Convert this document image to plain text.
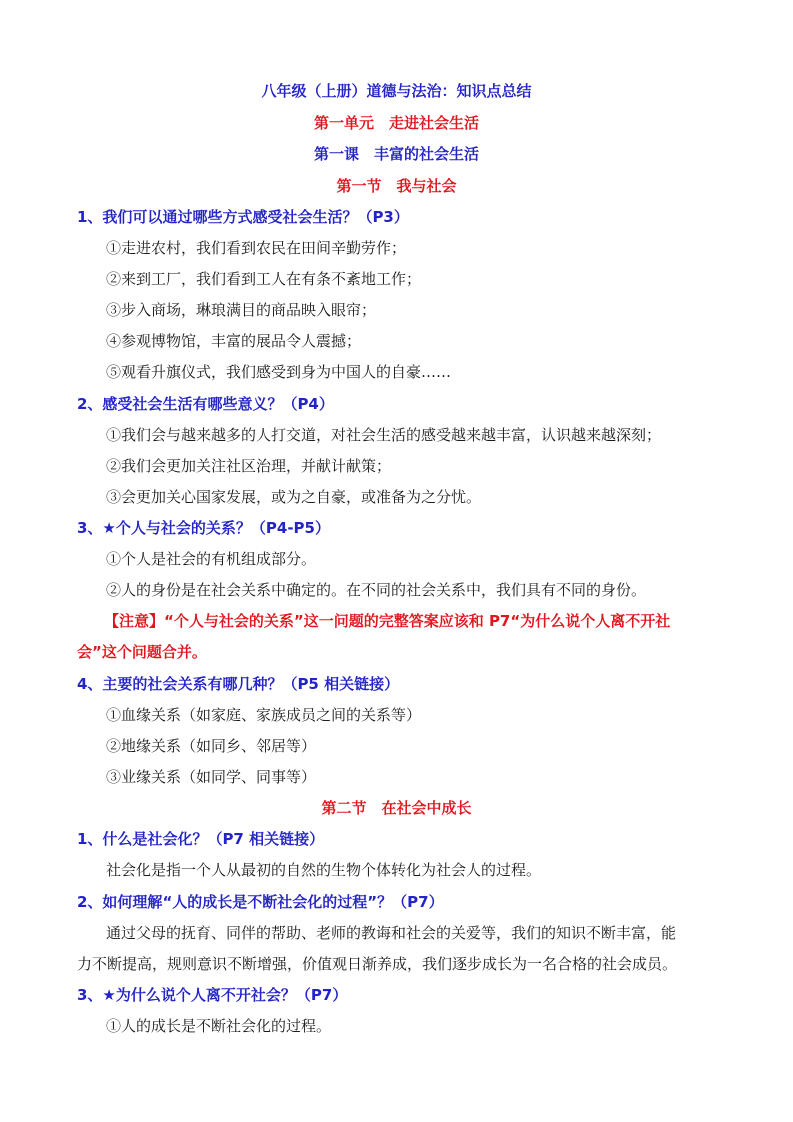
八年级（上册）道德与法治：知识点总结
第一单元　走进社会生活
第一课　丰富的社会生活
第一节　我与社会
1、我们可以通过哪些方式感受社会生活？（P3）
①走进农村，我们看到农民在田间辛勤劳作；
②来到工厂，我们看到工人在有条不紊地工作；
③步入商场，琳琅满目的商品映入眼帘；
④参观博物馆，丰富的展品令人震撼；
⑤观看升旗仪式，我们感受到身为中国人的自豪……
2、感受社会生活有哪些意义？（P4）
①我们会与越来越多的人打交道，对社会生活的感受越来越丰富，认识越来越深刻；
②我们会更加关注社区治理，并献计献策；
③会更加关心国家发展，或为之自豪，或准备为之分忧。
3、★个人与社会的关系？（P4-P5）
①个人是社会的有机组成部分。
②人的身份是在社会关系中确定的。在不同的社会关系中，我们具有不同的身份。
【注意】“个人与社会的关系”这一问题的完整答案应该和 P7“为什么说个人离不开社
会”这个问题合并。
4、主要的社会关系有哪几种？（P5 相关链接）
①血缘关系（如家庭、家族成员之间的关系等）
②地缘关系（如同乡、邻居等）
③业缘关系（如同学、同事等）
第二节　在社会中成长
1、什么是社会化？（P7 相关链接）
社会化是指一个人从最初的自然的生物个体转化为社会人的过程。
2、如何理解“人的成长是不断社会化的过程”？（P7）
通过父母的抚育、同伴的帮助、老师的教诲和社会的关爱等，我们的知识不断丰富，能
力不断提高，规则意识不断增强，价值观日渐养成，我们逐步成长为一名合格的社会成员。
3、★为什么说个人离不开社会？（P7）
①人的成长是不断社会化的过程。
